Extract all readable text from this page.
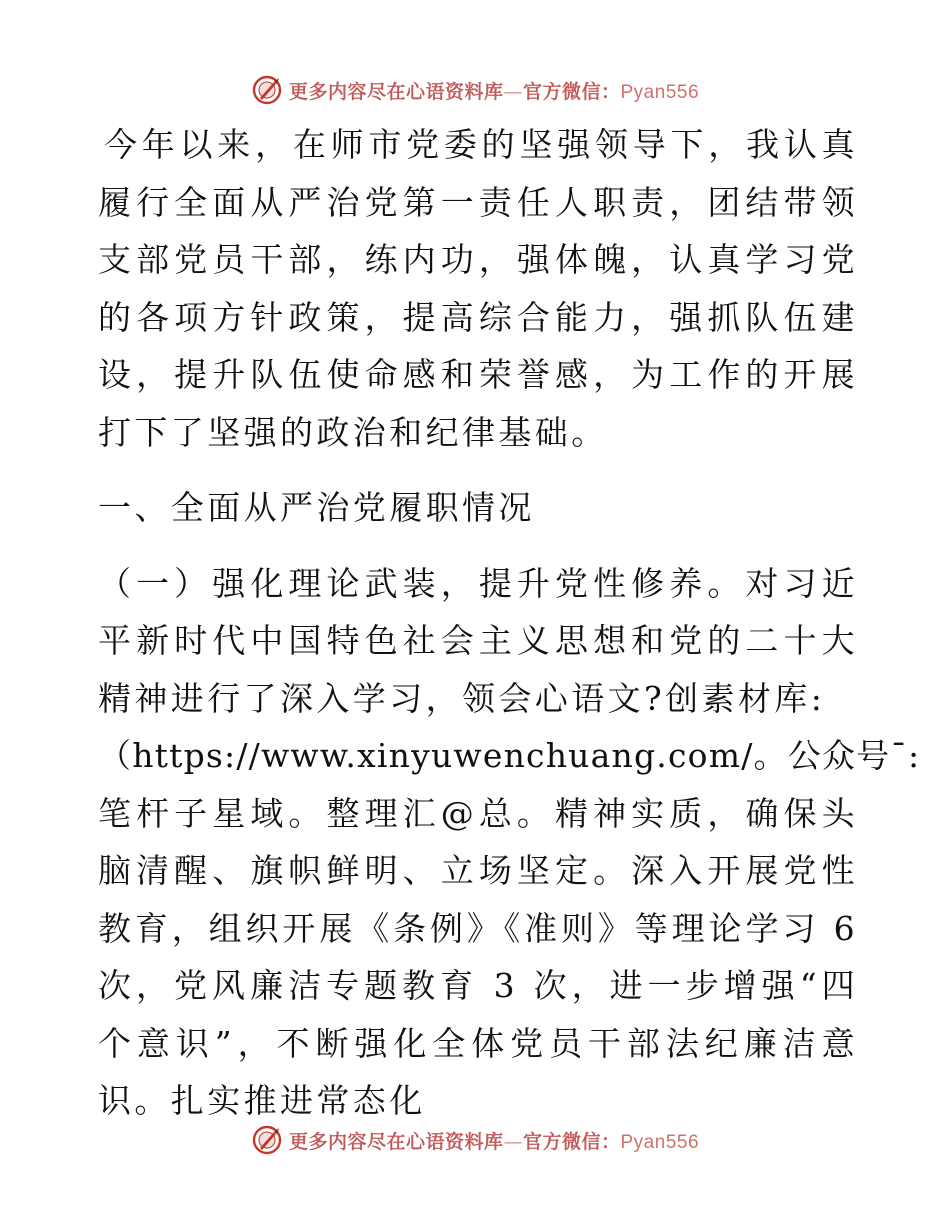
更多内容尽在心语资料库—官方微信：Pyan556

今年以来，在师市党委的坚强领导下，我认真履行全面从严治党第一责任人职责，团结带领支部党员干部，练内功，强体魄，认真学习党的各项方针政策，提高综合能力，强抓队伍建设，提升队伍使命感和荣誉感，为工作的开展打下了坚强的政治和纪律基础。

一、全面从严治党履职情况

（一）强化理论武装，提升党性修养。对习近平新时代中国特色社会主义思想和党的二十大精神进行了深入学习，领会心语文?创素材库:
（https://www.xinyuwenchuang.com/。公众号¯:
笔杆子星域。整理汇@总。精神实质，确保头脑清醒、旗帜鲜明、立场坚定。深入开展党性教育，组织开展《条例》《准则》等理论学习 6 次，党风廉洁专题教育 3 次，进一步增强“四个意识”，不断强化全体党员干部法纪廉洁意识。扎实推进常态化

更多内容尽在心语资料库—官方微信：Pyan556
